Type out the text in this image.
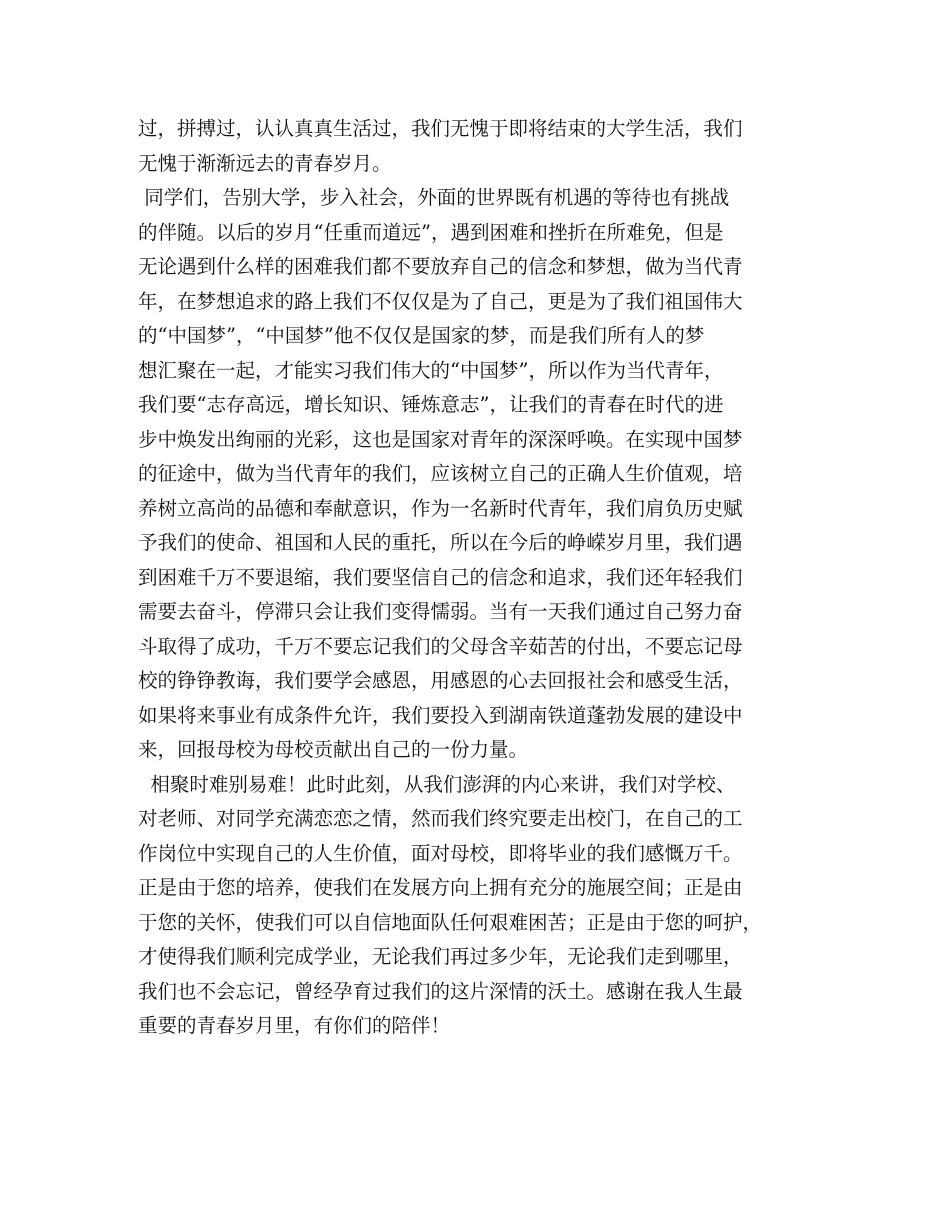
过，拼搏过，认认真真生活过，我们无愧于即将结束的大学生活，我们
无愧于渐渐远去的青春岁月。
同学们，告别大学，步入社会，外面的世界既有机遇的等待也有挑战
的伴随。以后的岁月“任重而道远”，遇到困难和挫折在所难免，但是
无论遇到什么样的困难我们都不要放弃自己的信念和梦想，做为当代青
年，在梦想追求的路上我们不仅仅是为了自己，更是为了我们祖国伟大
的“中国梦”，“中国梦”他不仅仅是国家的梦，而是我们所有人的梦
想汇聚在一起，才能实习我们伟大的“中国梦”，所以作为当代青年，
我们要“志存高远，增长知识、锤炼意志”，让我们的青春在时代的进
步中焕发出绚丽的光彩，这也是国家对青年的深深呼唤。在实现中国梦
的征途中，做为当代青年的我们，应该树立自己的正确人生价值观，培
养树立高尚的品德和奉献意识，作为一名新时代青年，我们肩负历史赋
予我们的使命、祖国和人民的重托，所以在今后的峥嵘岁月里，我们遇
到困难千万不要退缩，我们要坚信自己的信念和追求，我们还年轻我们
需要去奋斗，停滞只会让我们变得懦弱。当有一天我们通过自己努力奋
斗取得了成功，千万不要忘记我们的父母含辛茹苦的付出，不要忘记母
校的铮铮教诲，我们要学会感恩，用感恩的心去回报社会和感受生活，
如果将来事业有成条件允许，我们要投入到湖南铁道蓬勃发展的建设中
来，回报母校为母校贡献出自己的一份力量。
相聚时难别易难！此时此刻，从我们澎湃的内心来讲，我们对学校、
对老师、对同学充满恋恋之情，然而我们终究要走出校门，在自己的工
作岗位中实现自己的人生价值，面对母校，即将毕业的我们感慨万千。
正是由于您的培养，使我们在发展方向上拥有充分的施展空间；正是由
于您的关怀，使我们可以自信地面队任何艰难困苦；正是由于您的呵护，
才使得我们顺利完成学业，无论我们再过多少年，无论我们走到哪里，
我们也不会忘记，曾经孕育过我们的这片深情的沃土。感谢在我人生最
重要的青春岁月里，有你们的陪伴！
